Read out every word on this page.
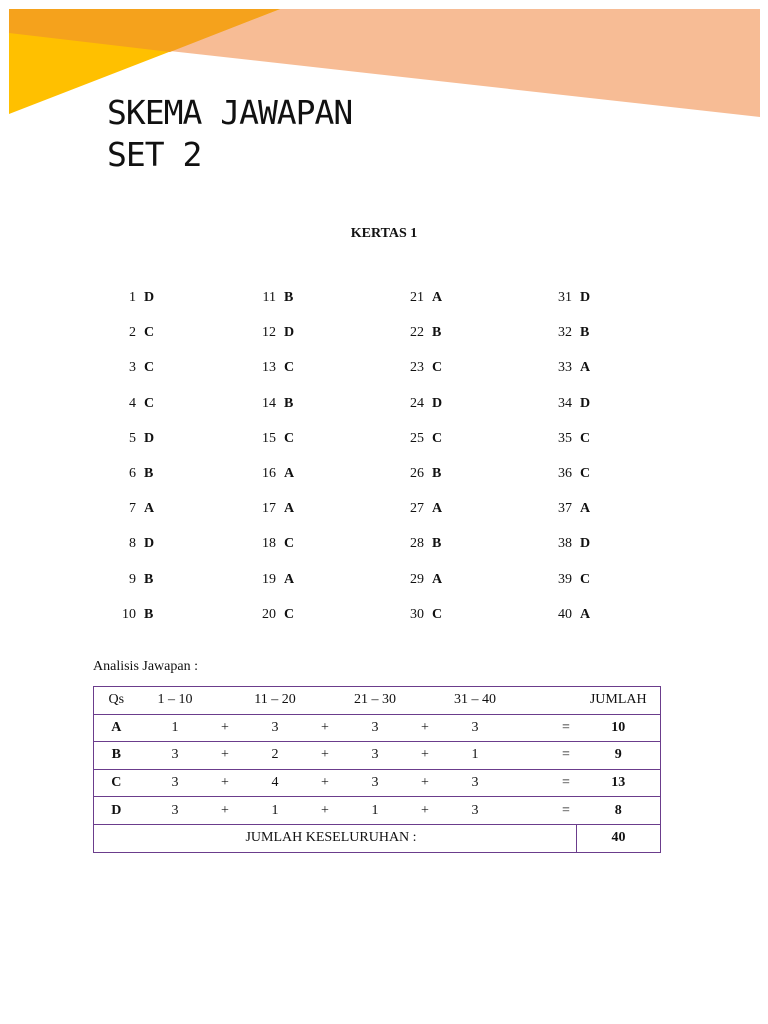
SKEMA JAWAPAN
SET 2
KERTAS 1
1 D
2 C
3 C
4 C
5 D
6 B
7 A
8 D
9 B
10 B
11 B
12 D
13 C
14 B
15 C
16 A
17 A
18 C
19 A
20 C
21 A
22 B
23 C
24 D
25 C
26 B
27 A
28 B
29 A
30 C
31 D
32 B
33 A
34 D
35 C
36 C
37 A
38 D
39 C
40 A
Analisis Jawapan :
Qs	1 – 10		11 – 20		21 – 30		31 – 40			JUMLAH
A	1	+	3	+	3	+	3		=	10
B	3	+	2	+	3	+	1		=	9
C	3	+	4	+	3	+	3		=	13
D	3	+	1	+	1	+	3		=	8
JUMLAH KESELURUHAN :										40
